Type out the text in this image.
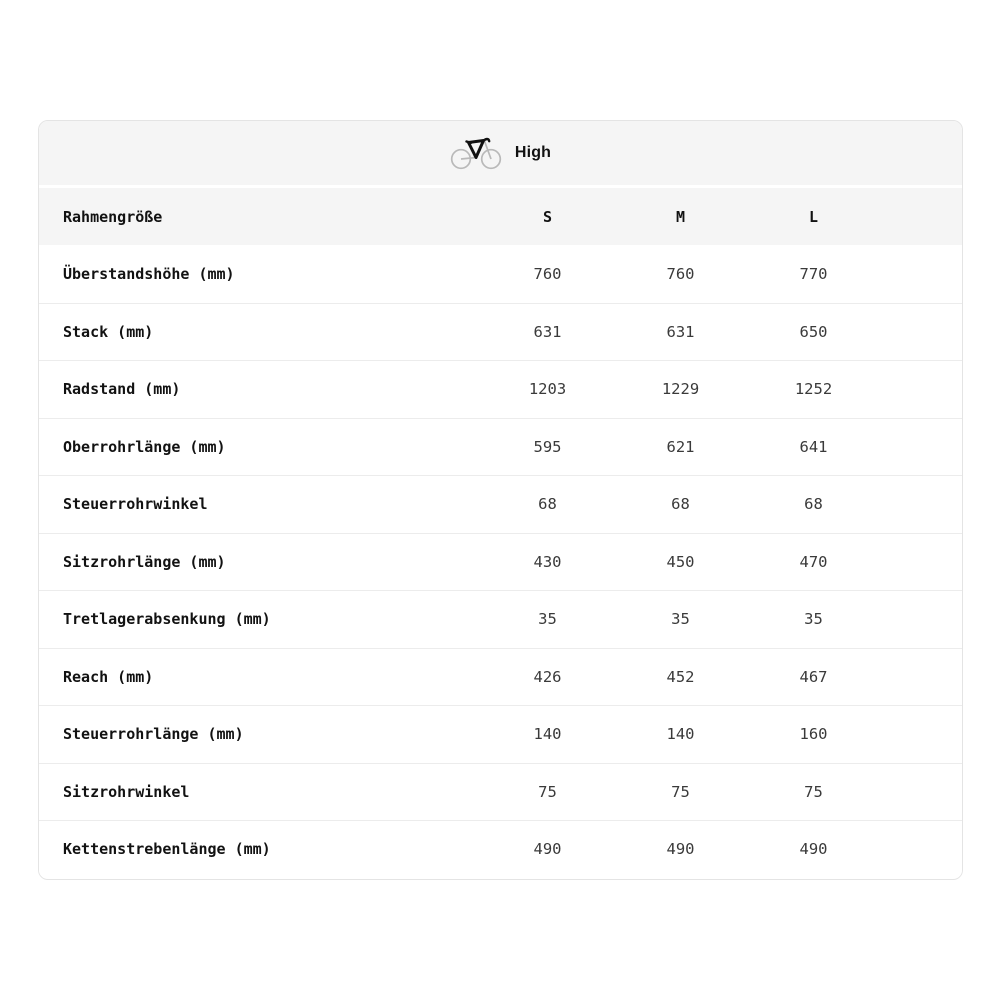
High
Rahmengröße	S	M	L
Überstandshöhe (mm)	760	760	770
Stack (mm)	631	631	650
Radstand (mm)	1203	1229	1252
Oberrohrlänge (mm)	595	621	641
Steuerrohrwinkel	68	68	68
Sitzrohrlänge (mm)	430	450	470
Tretlagerabsenkung (mm)	35	35	35
Reach (mm)	426	452	467
Steuerrohrlänge (mm)	140	140	160
Sitzrohrwinkel	75	75	75
Kettenstrebenlänge (mm)	490	490	490
